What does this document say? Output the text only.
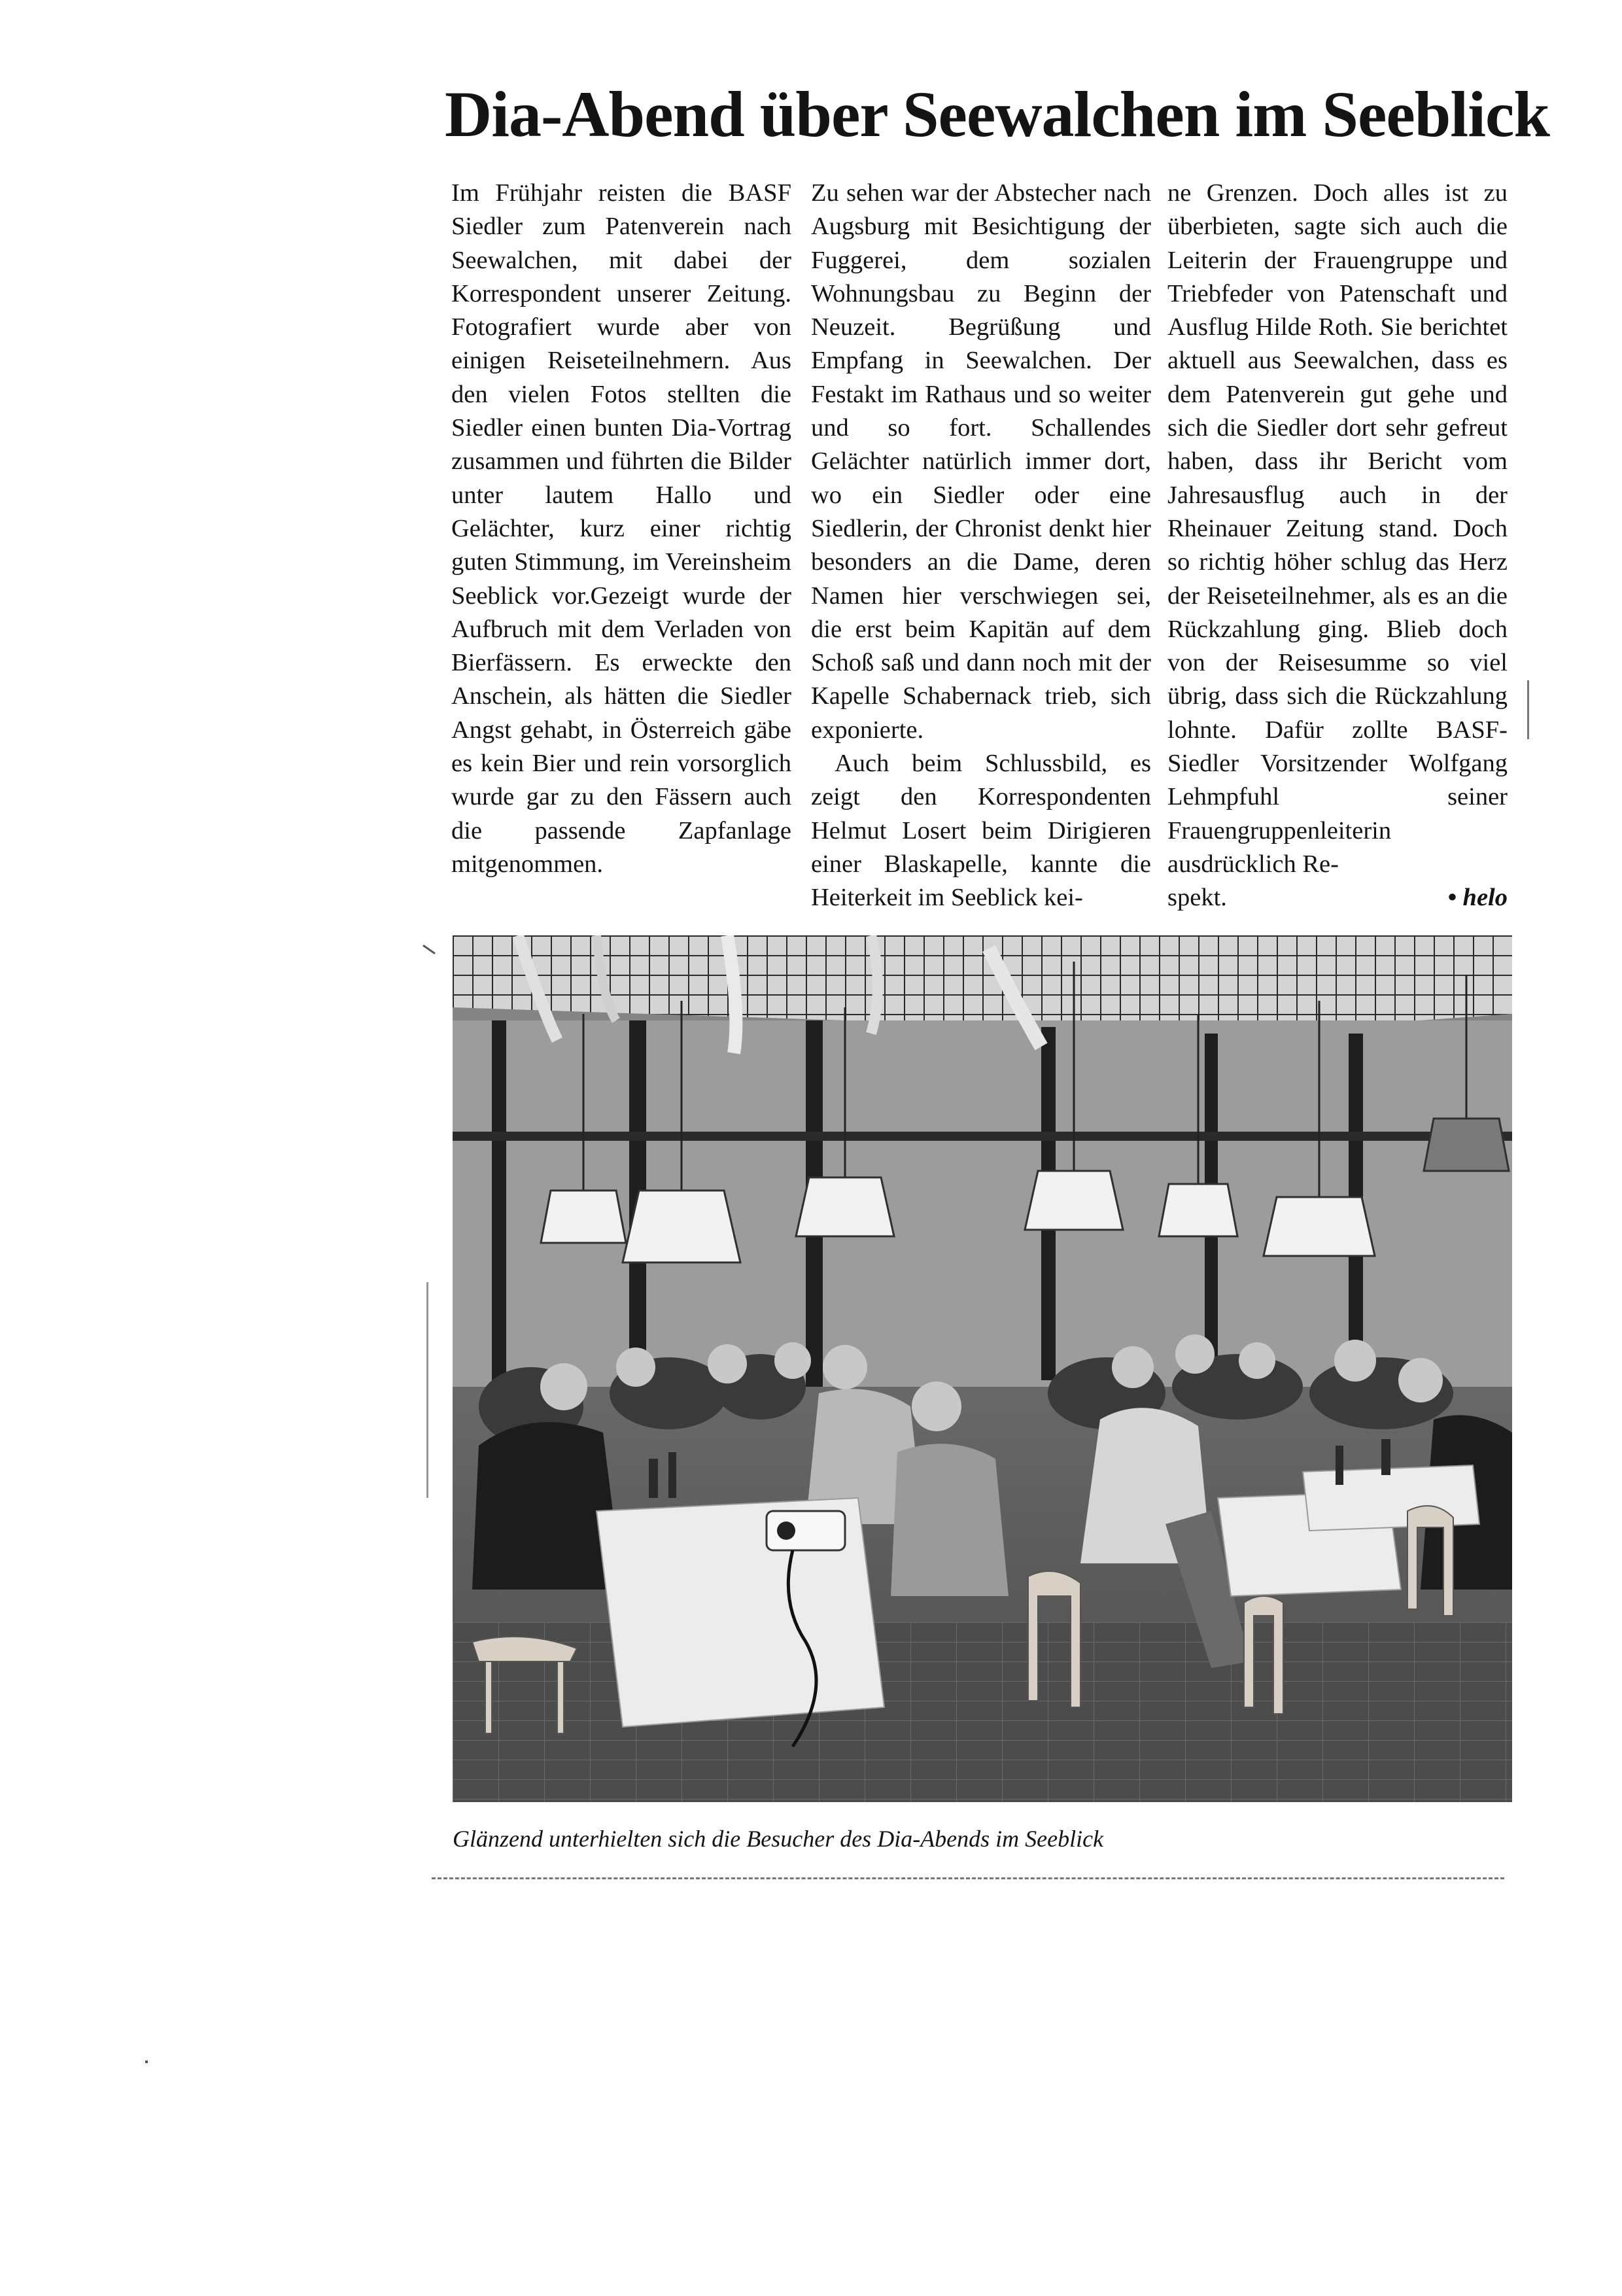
Dia-Abend über Seewalchen im Seeblick

Im Frühjahr reisten die BASF Siedler zum Patenverein nach Seewalchen, mit dabei der Korrespondent unserer Zeitung. Fotografiert wurde aber von einigen Reiseteilnehmern. Aus den vielen Fotos stellten die Siedler einen bunten Dia-Vortrag zusammen und führten die Bilder unter lautem Hallo und Gelächter, kurz einer richtig guten Stimmung, im Vereinsheim Seeblick vor.Gezeigt wurde der Aufbruch mit dem Verladen von Bierfässern. Es erweckte den Anschein, als hätten die Siedler Angst gehabt, in Österreich gäbe es kein Bier und rein vorsorglich wurde gar zu den Fässern auch die passende Zapfanlage mitgenommen.

Zu sehen war der Abstecher nach Augsburg mit Besichtigung der Fuggerei, dem sozialen Wohnungsbau zu Beginn der Neuzeit. Begrüßung und Empfang in Seewalchen. Der Festakt im Rathaus und so weiter und so fort. Schallendes Gelächter natürlich immer dort, wo ein Siedler oder eine Siedlerin, der Chronist denkt hier besonders an die Dame, deren Namen hier verschwiegen sei, die erst beim Kapitän auf dem Schoß saß und dann noch mit der Kapelle Schabernack trieb, sich exponierte.

Auch beim Schlussbild, es zeigt den Korrespondenten Helmut Losert beim Dirigieren einer Blaskapelle, kannte die Heiterkeit im Seeblick kei-

ne Grenzen. Doch alles ist zu überbieten, sagte sich auch die Leiterin der Frauengruppe und Triebfeder von Patenschaft und Ausflug Hilde Roth. Sie berichtet aktuell aus Seewalchen, dass es dem Patenverein gut gehe und sich die Siedler dort sehr gefreut haben, dass ihr Bericht vom Jahresausflug auch in der Rheinauer Zeitung stand. Doch so richtig höher schlug das Herz der Reiseteilnehmer, als es an die Rückzahlung ging. Blieb doch von der Reisesumme so viel übrig, dass sich die Rückzahlung lohnte. Dafür zollte BASF-Siedler Vorsitzender Wolfgang Lehmpfuhl seiner Frauengruppenleiterin ausdrücklich Re-

spekt.	• helo
Glänzend unterhielten sich die Besucher des Dia-Abends im Seeblick
